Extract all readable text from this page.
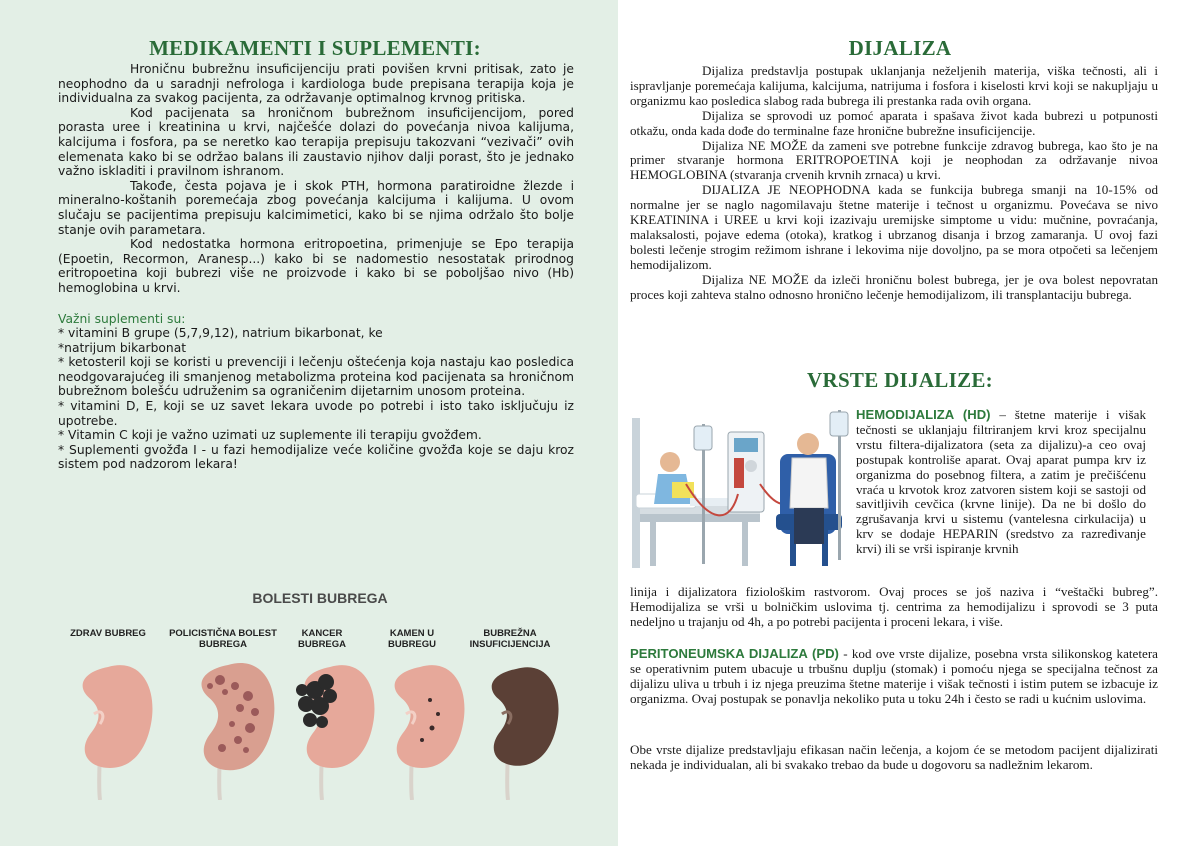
MEDIKAMENTI I SUPLEMENTI:

Hroničnu bubrežnu insuficijenciju prati povišen krvni pritisak, zato je neophodno da u saradnji nefrologa i kardiologa bude prepisana terapija koja je individualna za svakog pacijenta, za održavanje optimalnog krvnog pritiska.

Kod pacijenata sa hroničnom bubrežnom insuficijencijom, pored porasta uree i kreatinina u krvi, najčešće dolazi do povećanja nivoa kalijuma, kalcijuma i fosfora, pa se neretko kao terapija prepisuju takozvani “vezivači” ovih elemenata kako bi se održao balans ili zaustavio njihov dalji porast, što je jednako važno iskladiti i pravilnom ishranom.

Takođe, česta pojava je i skok PTH, hormona paratiroidne žlezde i mineralno-koštanih poremećaja zbog povećanja kalcijuma i kalijuma. U ovom slučaju se pacijentima prepisuju kalcimimetici, kako bi se njima održalo što bolje stanje ovih parametara.

Kod nedostatka hormona eritropoetina, primenjuje se Epo terapija (Epoetin, Recormon, Aranesp...) kako bi se nadomestio nesostatak prirodnog eritropoetina koji bubrezi više ne proizvode i kako bi se poboljšao nivo (Hb) hemoglobina u krvi.

Važni suplementi su:

* vitamini B grupe (5,7,9,12), natrium bikarbonat, ke

*natrijum bikarbonat

* ketosteril koji se koristi u prevenciji i lečenju oštećenja koja nastaju kao posledica neodgovarajućeg ili smanjenog metabolizma proteina kod pacijenata sa hroničnom bubrežnom bolešću udruženim sa ograničenim dijetarnim unosom proteina.

* vitamini D, E, koji se uz savet lekara uvode po potrebi i isto tako isključuju iz upotrebe.

* Vitamin C koji je važno uzimati uz suplemente ili terapiju gvožđem.

* Suplementi gvožđa I - u fazi hemodijalize veće količine gvožđa koje se daju kroz sistem pod nadzorom lekara!

BOLESTI BUBREGA
ZDRAV BUBREG	POLICISTIČNA BOLEST BUBREGA
KANCER BUBREGA
KAMEN U BUBREGU
BUBREŽNA INSUFICIJENCIJA
DIJALIZA

Dijaliza predstavlja postupak uklanjanja neželjenih materija, viška tečnosti, ali i ispravljanje poremećaja kalijuma, kalcijuma, natrijuma i fosfora i kiselosti krvi koji se nakupljaju u organizmu kao posledica slabog rada bubrega ili prestanka rada ovih organa.

Dijaliza se sprovodi uz pomoć aparata i spašava život kada bubrezi u potpunosti otkažu, onda kada dođe do terminalne faze hronične bubrežne insuficijencije.

Dijaliza NE MOŽE da zameni sve potrebne funkcije zdravog bubrega, kao što je na primer stvaranje hormona ERITROPOETINA koji je neophodan za održavanje nivoa HEMOGLOBINA (stvaranja crvenih krvnih zrnaca) u krvi.

DIJALIZA JE NEOPHODNA kada se funkcija bubrega smanji na 10-15% od normalne jer se naglo nagomilavaju štetne materije i tečnost u organizmu. Povećava se nivo KREATININA i UREE u krvi koji izazivaju uremijske simptome u vidu: mučnine, povraćanja, malaksalosti, pojave edema (otoka), kratkog i ubrzanog disanja i brzog zamaranja. U ovoj fazi bolesti lečenje strogim režimom ishrane i lekovima nije dovoljno, pa se mora otpočeti sa lečenjem hemodijalizom.

Dijaliza NE MOŽE da izleči hroničnu bolest bubrega, jer je ova bolest nepovratan proces koji zahteva stalno odnosno hronično lečenje hemodijalizom, ili transplantaciju bubrega.

VRSTE DIJALIZE:

HEMODIJALIZA (HD) – štetne materije i višak tečnosti se uklanjaju filtriranjem krvi kroz specijalnu vrstu filtera-dijalizatora (seta za dijalizu)-a ceo ovaj postupak kontroliše aparat. Ovaj aparat pumpa krv iz organizma do posebnog filtera, a zatim je prečišćenu vraća u krvotok kroz zatvoren sistem koji se sastoji od savitljivih cevčica (krvne linije). Da ne bi došlo do zgrušavanja krvi u sistemu (vantelesna cirkulacija) u krv se dodaje HEPARIN (sredstvo za razređivanje krvi) ili se vrši ispiranje krvnih

linija i dijalizatora fiziološkim rastvorom. Ovaj proces se još naziva i “veštački bubreg”. Hemodijaliza se vrši u bolničkim uslovima tj. centrima za hemodijalizu i sprovodi se 3 puta nedeljno u trajanju od 4h, a po potrebi pacijenta i proceni lekara, i više.

PERITONEUMSKA DIJALIZA (PD) - kod ove vrste dijalize, posebna vrsta silikonskog katetera se operativnim putem ubacuje u trbušnu duplju (stomak) i pomoću njega se specijalna tečnost za dijalizu uliva u trbuh i iz njega preuzima štetne materije i višak tečnosti i istim putem se izbacuje iz organizma. Ovaj postupak se ponavlja nekoliko puta u toku 24h i često se radi u kućnim uslovima.

Obe vrste dijalize predstavljaju efikasan način lečenja, a kojom će se metodom pacijent dijalizirati nekada je individualan, ali bi svakako trebao da bude u dogovoru sa nadležnim lekarom.
